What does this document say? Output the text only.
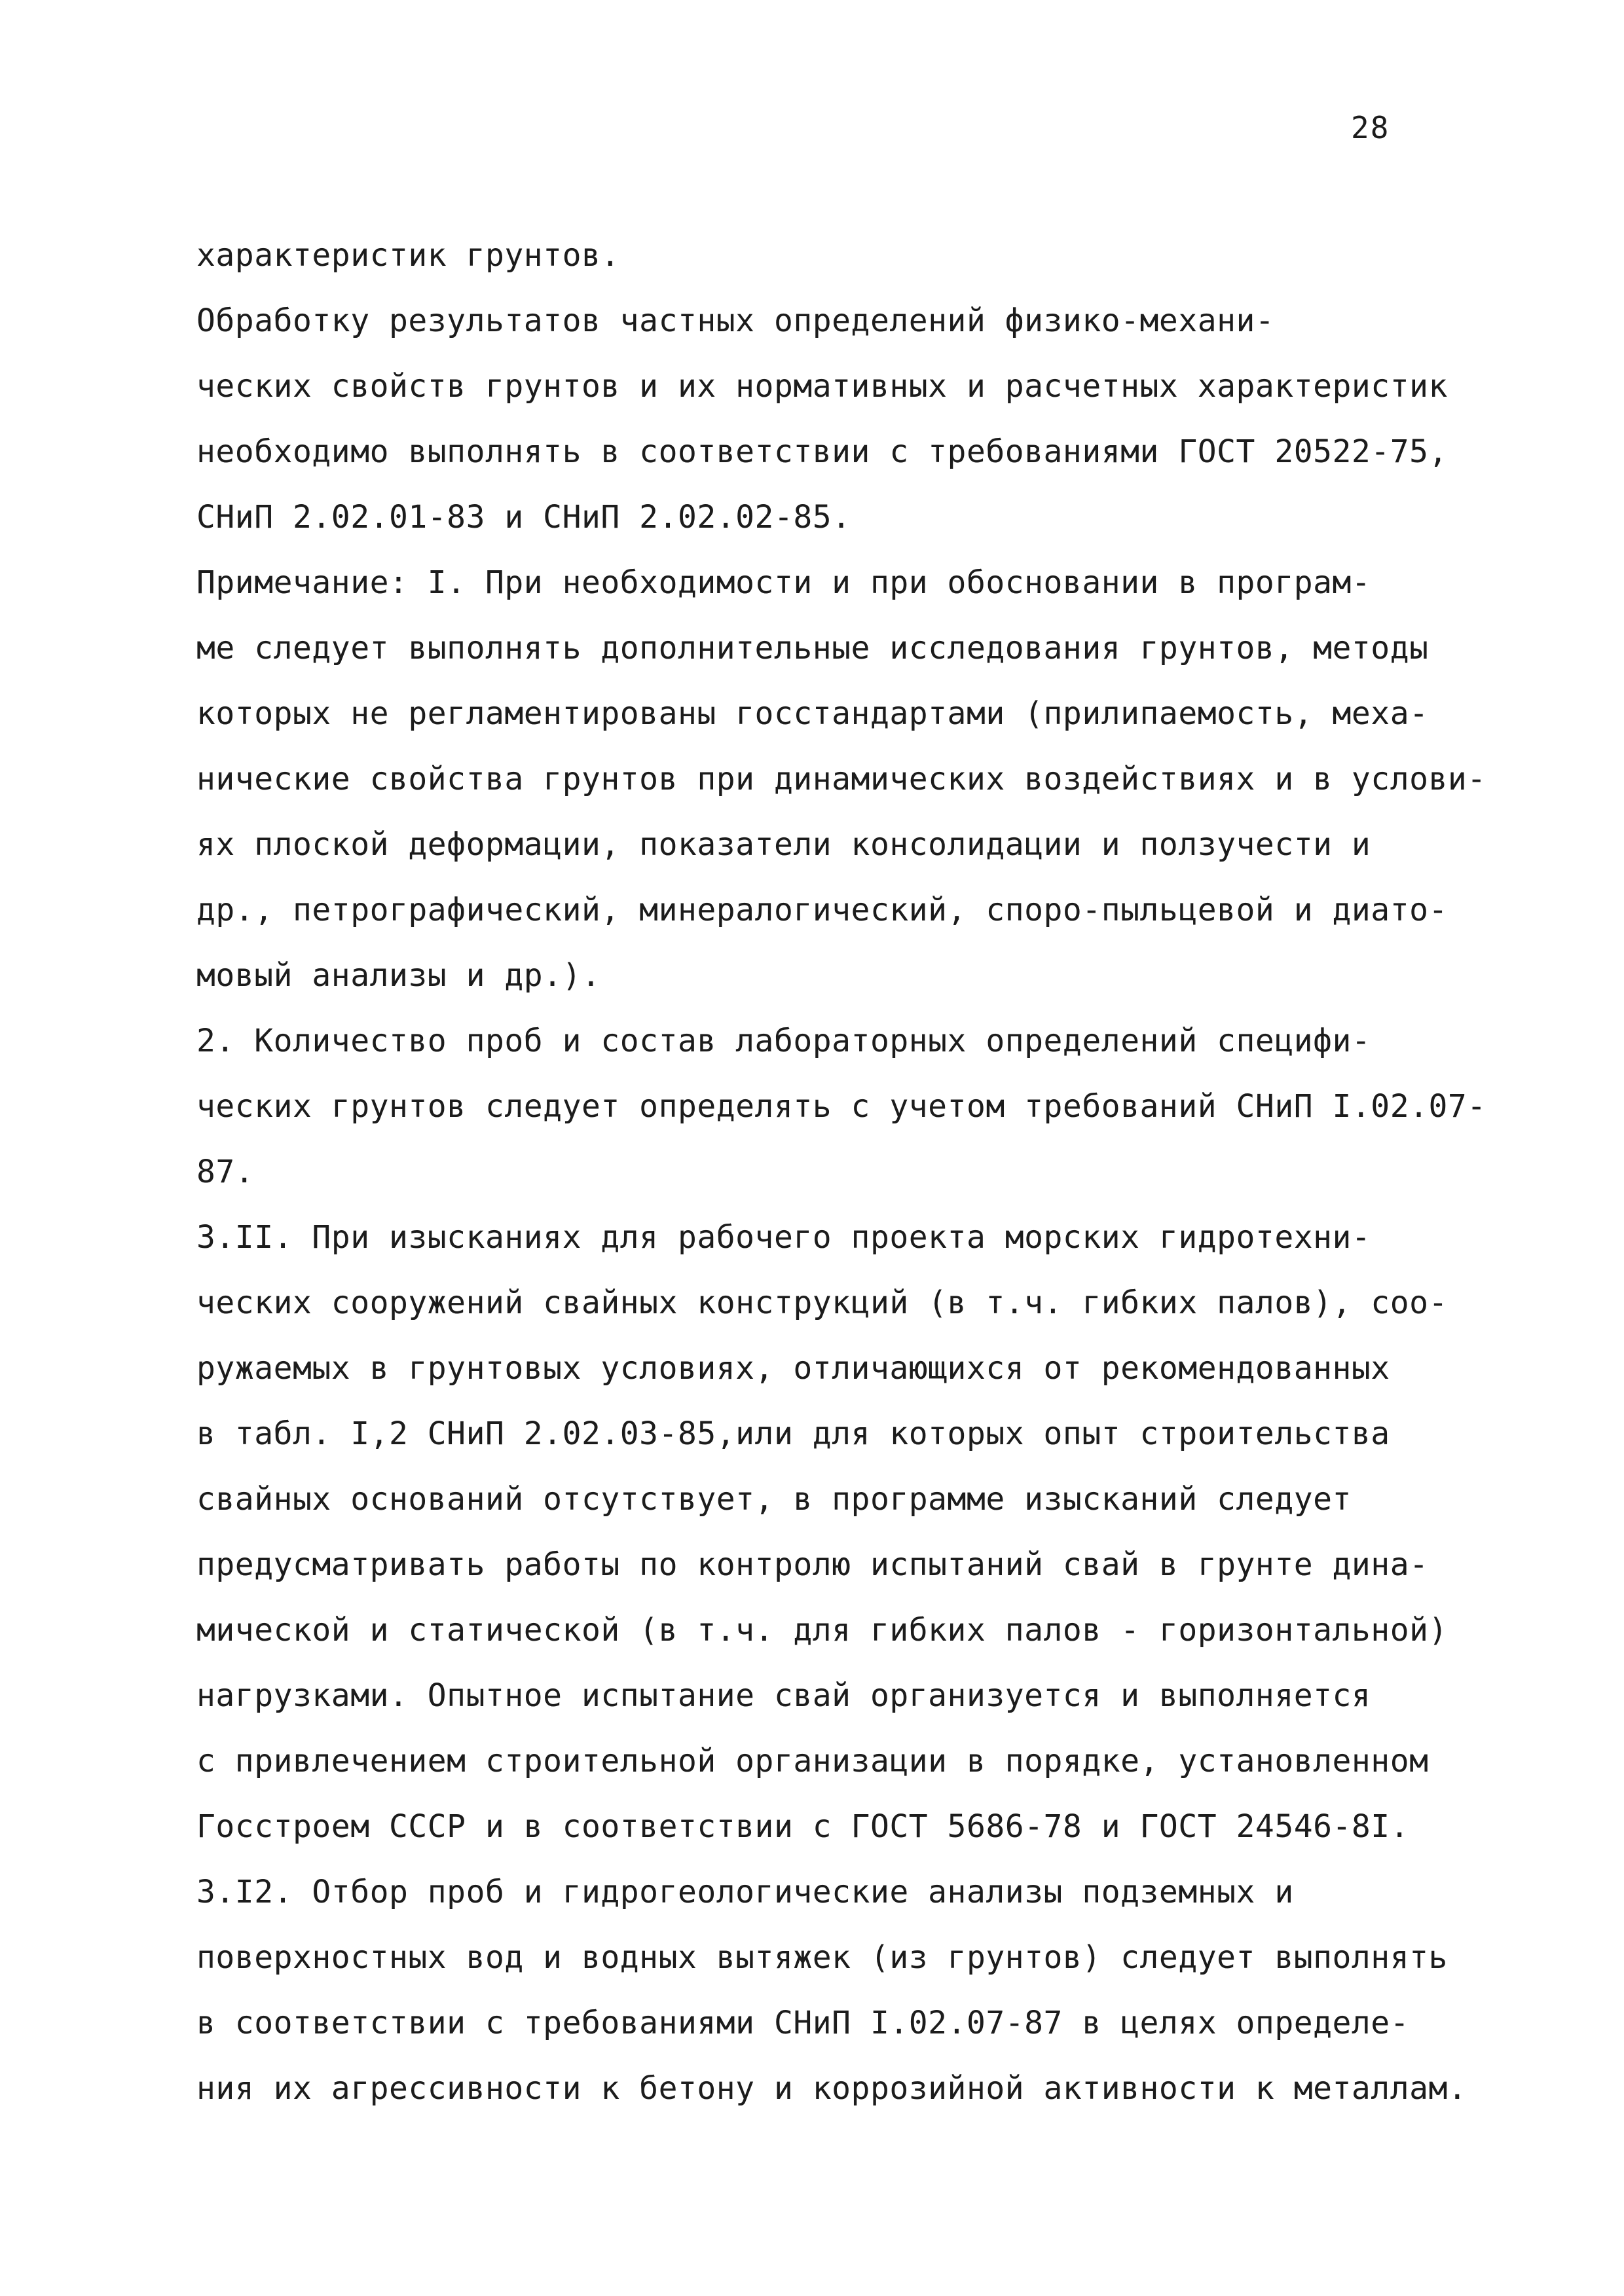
28
характеристик грунтов.
Обработку результатов частных определений физико-механи-
ческих свойств грунтов и их нормативных и расчетных характеристик
необходимо выполнять в соответствии с требованиями ГОСТ 20522-75,
СНиП 2.02.01-83 и СНиП 2.02.02-85.
Примечание: I. При необходимости и при обосновании в програм-
ме следует выполнять дополнительные исследования грунтов, методы
которых не регламентированы госстандартами (прилипаемость, меха-
нические свойства грунтов при динамических воздействиях и в услови-
ях плоской деформации, показатели консолидации и ползучести и
др., петрографический, минералогический, споро-пыльцевой и диато-
мовый анализы и др.).
2. Количество проб и состав лабораторных определений специфи-
ческих грунтов следует определять с учетом требований СНиП I.02.07-
87.
3.II. При изысканиях для рабочего проекта морских гидротехни-
ческих сооружений свайных конструкций (в т.ч. гибких палов), соо-
ружаемых в грунтовых условиях, отличающихся от рекомендованных
в табл. I,2 СНиП 2.02.03-85,или для которых опыт строительства
свайных оснований отсутствует, в программе изысканий следует
предусматривать работы по контролю испытаний свай в грунте дина-
мической и статической (в т.ч. для гибких палов - горизонтальной)
нагрузками. Опытное испытание свай организуется и выполняется
с привлечением строительной организации в порядке, установленном
Госстроем СССР и в соответствии с ГОСТ 5686-78 и ГОСТ 24546-8I.
3.I2. Отбор проб и гидрогеологические анализы подземных и
поверхностных вод и водных вытяжек (из грунтов) следует выполнять
в соответствии с требованиями СНиП I.02.07-87 в целях определе-
ния их агрессивности к бетону и коррозийной активности к металлам.
